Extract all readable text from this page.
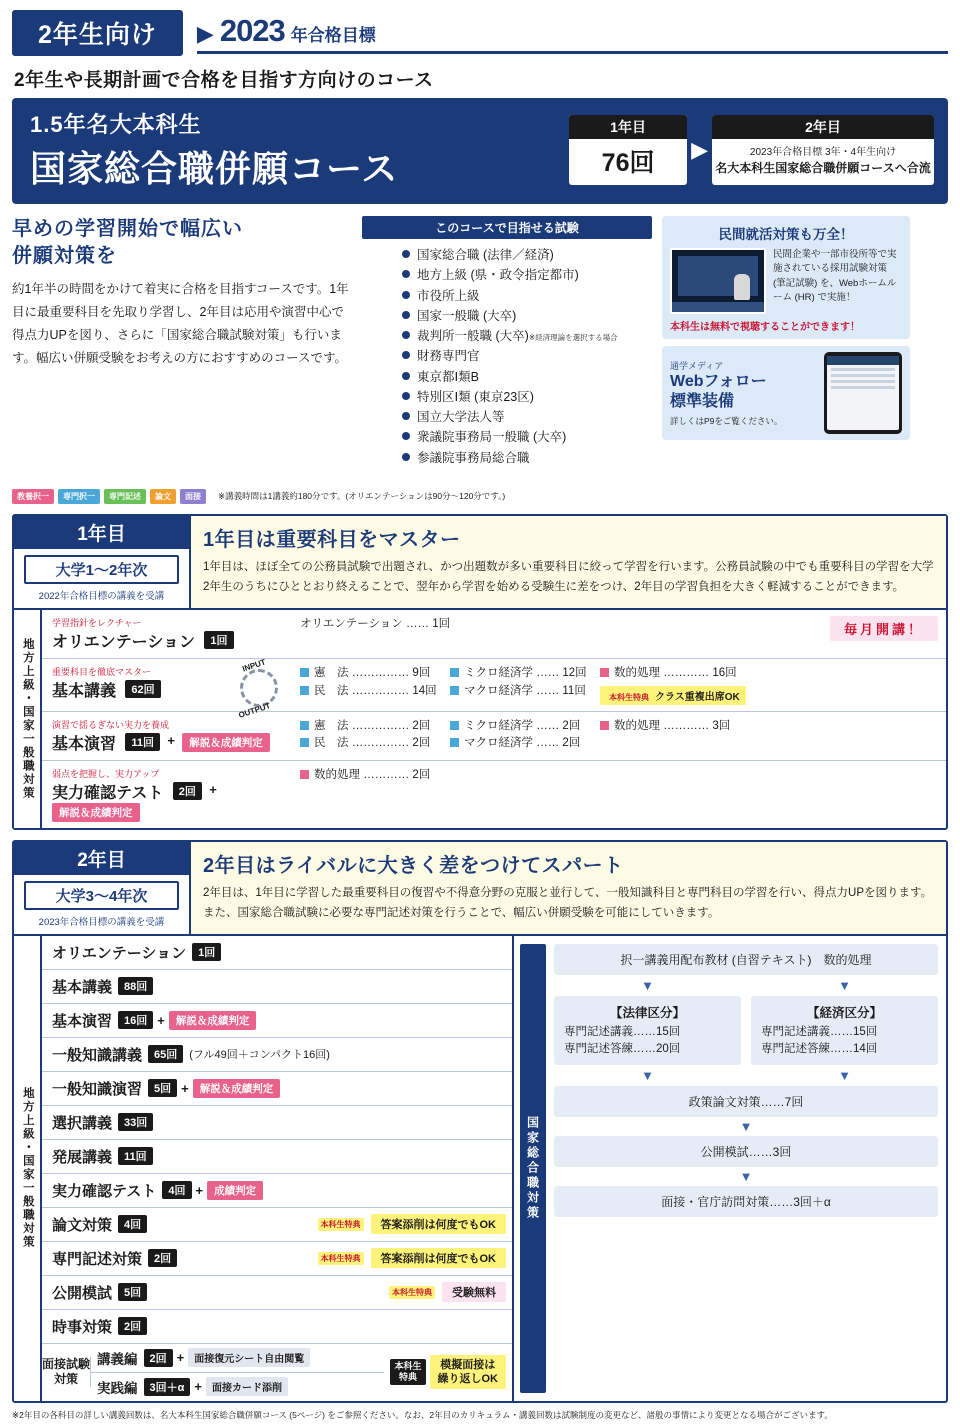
2年生向け	▶ 2023 年合格目標
2年生や長期計画で合格を目指す方向けのコース
1.5年名大本科生
国家総合職併願コース
1年目
76回	▶
2年目
2023年合格目標 3年・4年生向け
名大本科生国家総合職併願コースへ合流
早めの学習開始で幅広い
併願対策を
約1年半の時間をかけて着実に合格を目指すコースです。1年目に最重要科目を先取り学習し、2年目は応用や演習中心で得点力UPを図り、さらに「国家総合職試験対策」も行います。幅広い併願受験をお考えの方におすすめのコースです。
このコースで目指せる試験
国家総合職 (法律／経済)
地方上級 (県・政令指定都市)
市役所上級
国家一般職 (大卒)
裁判所一般職 (大卒)※経済理論を選択する場合
財務専門官
東京都Ⅰ類B
特別区Ⅰ類 (東京23区)
国立大学法人等
衆議院事務局一般職 (大卒)
参議院事務局総合職
民間就活対策も万全！
民間企業や一部市役所等で実施されている採用試験対策 (筆記試験) を、Webホームルーム (HR) で実施！
本科生は無料で視聴することができます！
通学メディア
Webフォロー
標準装備
詳しくはP9をご覧ください。
教養択一	専門択一	専門記述	論文	面接	※講義時間は1講義約180分です。(オリエンテーションは90分〜120分です。)
1年目
大学1〜2年次
2022年合格目標の講義を受講
1年目は重要科目をマスター
1年目は、ほぼ全ての公務員試験で出題され、かつ出題数が多い重要科目に絞って学習を行います。公務員試験の中でも重要科目の学習を大学2年生のうちにひととおり終えることで、翌年から学習を始める受験生に差をつけ、2年目の学習負担を大きく軽減することができます。
地方上級・国家一般職対策
学習指針をレクチャー
オリエンテーション 1回
オリエンテーション …… 1回	毎月開講！
重要科目を徹底マスター
基本講義 62回
INPUT
OUTPUT
憲　法 …………… 9回
民　法 …………… 14回
ミクロ経済学 …… 12回
マクロ経済学 …… 11回
数的処理 ………… 16回
本科生特典 クラス重複出席OK
演習で揺るぎない実力を養成
基本演習 11回 + 解説＆成績判定
憲　法 …………… 2回
民　法 …………… 2回
ミクロ経済学 …… 2回
マクロ経済学 …… 2回
数的処理 ………… 3回
弱点を把握し、実力アップ
実力確認テスト 2回 + 解説＆成績判定
数的処理 ………… 2回
2年目
大学3〜4年次
2023年合格目標の講義を受講
2年目はライバルに大きく差をつけてスパート
2年目は、1年目に学習した最重要科目の復習や不得意分野の克服と並行して、一般知識科目と専門科目の学習を行い、得点力UPを図ります。また、国家総合職試験に必要な専門記述対策を行うことで、幅広い併願受験を可能にしていきます。
地方上級・国家一般職対策
オリエンテーション	1回
基本講義	88回
基本演習	16回 +	解説＆成績判定
一般知識講義	65回	(フル49回＋コンパクト16回)
一般知識演習	5回 +	解説＆成績判定
選択講義	33回
発展講義	11回
実力確認テスト	4回 +	成績判定
論文対策	4回	本科生特典	答案添削は何度でもOK
専門記述対策	2回	本科生特典	答案添削は何度でもOK
公開模試	5回	本科生特典	受験無料
時事対策	2回
面接試験対策
講義編	2回 +	面接復元シート自由閲覧
実践編	3回＋α +	面接カード添削
本科生
特典
模擬面接は
繰り返しOK
国家総合職対策
択一講義用配布教材 (自習テキスト)　数的処理
▼	▼
【法律区分】
専門記述講義……15回
専門記述答練……20回
【経済区分】
専門記述講義……15回
専門記述答練……14回
▼	▼
政策論文対策……7回
▼
公開模試……3回
▼
面接・官庁訪問対策……3回＋α
※2年目の各科目の詳しい講義回数は、名大本科生国家総合職併願コース (5ページ) をご参照ください。なお、2年目のカリキュラム・講義回数は試験制度の変更など、諸般の事情により変更となる場合がございます。
